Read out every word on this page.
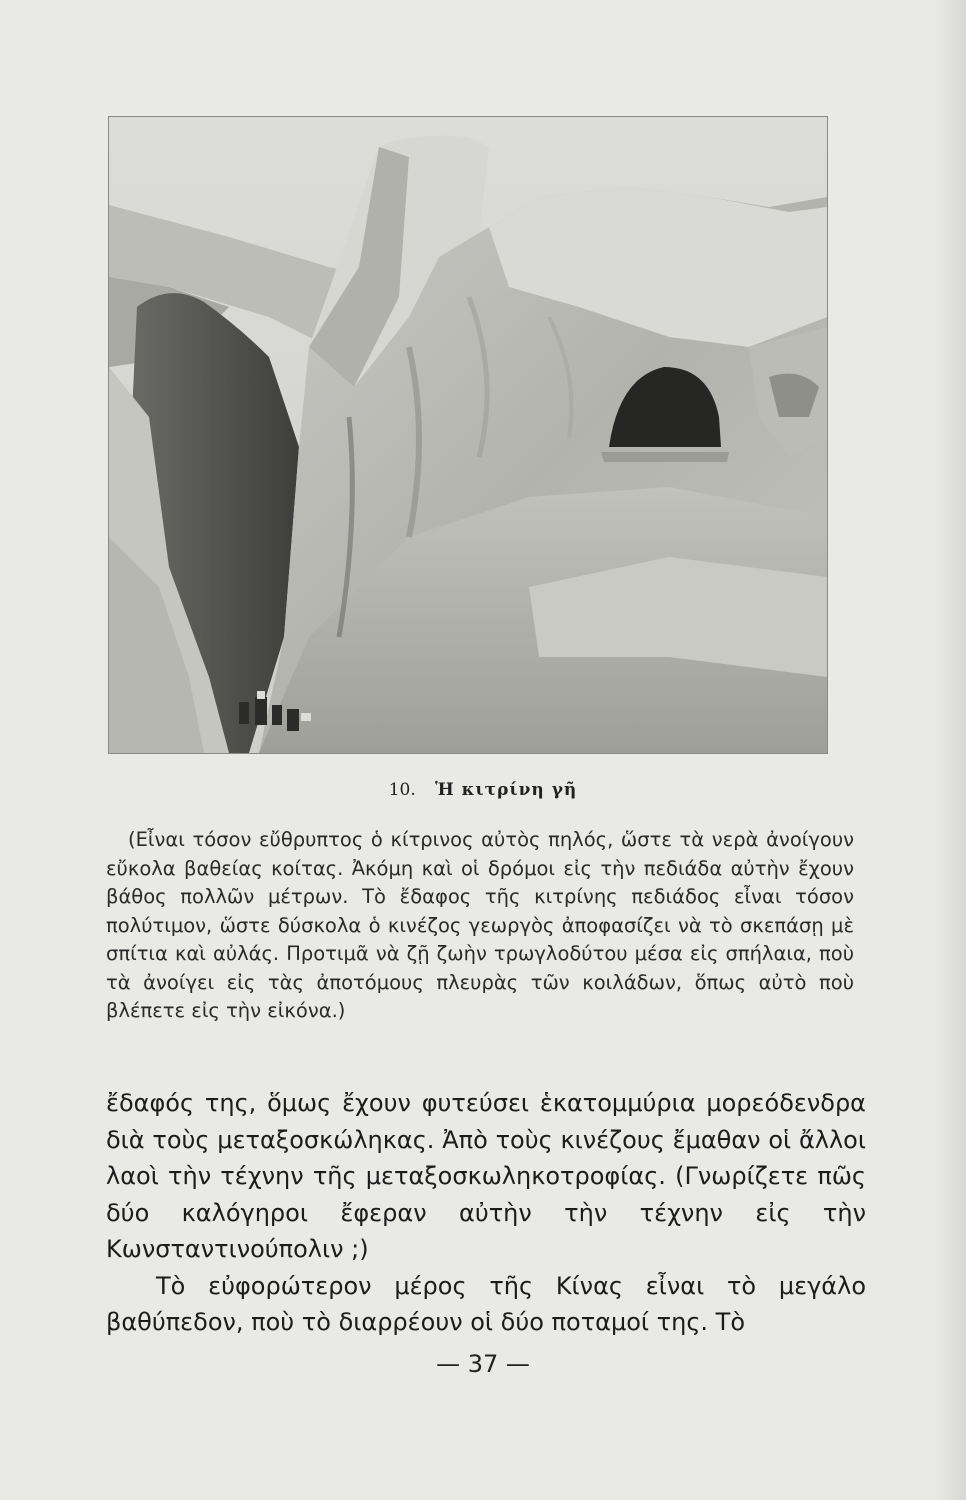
10. Ἡ κιτρίνη γῆ

(Εἶναι τόσον εὔθρυπτος ὁ κίτρινος αὐτὸς πηλός, ὥστε τὰ νερὰ ἀνοίγουν εὔκολα βαθείας κοίτας. Ἀκόμη καὶ οἱ δρόμοι εἰς τὴν πεδιάδα αὐτὴν ἔχουν βάθος πολλῶν μέτρων. Τὸ ἔδαφος τῆς κιτρίνης πεδιάδος εἶναι τόσον πολύτιμον, ὥστε δύσκολα ὁ κινέζος γεωργὸς ἀποφασίζει νὰ τὸ σκεπάσῃ μὲ σπίτια καὶ αὐλάς. Προτιμᾶ νὰ ζῇ ζωὴν τρωγλοδύτου μέσα εἰς σπήλαια, ποὺ τὰ ἀνοίγει εἰς τὰς ἀποτόμους πλευρὰς τῶν κοιλάδων, ὅπως αὐτὸ ποὺ βλέπετε εἰς τὴν εἰκόνα.)

ἔδαφός της, ὅμως ἔχουν φυτεύσει ἑκατομμύρια μορεόδενδρα διὰ τοὺς μεταξοσκώληκας. Ἀπὸ τοὺς κινέζους ἔμαθαν οἱ ἄλλοι λαοὶ τὴν τέχνην τῆς μεταξοσκωληκοτροφίας. (Γνωρίζετε πῶς δύο καλόγηροι ἔφεραν αὐτὴν τὴν τέχνην εἰς τὴν Κωνσταντινούπολιν ;)

Τὸ εὐφορώτερον μέρος τῆς Κίνας εἶναι τὸ μεγάλο βαθύπεδον, ποὺ τὸ διαρρέουν οἱ δύο ποταμοί της. Τὸ

— 37 —
